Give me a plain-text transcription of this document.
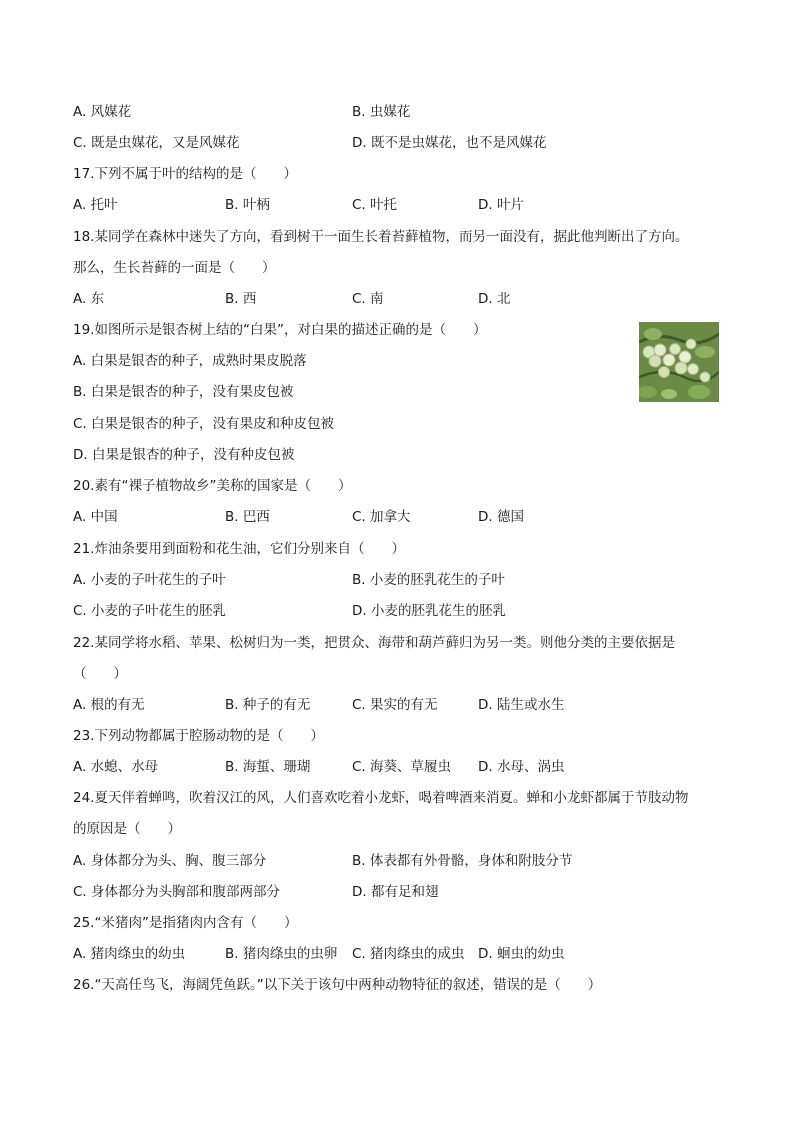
A. 风媒花	B. 虫媒花
C. 既是虫媒花，又是风媒花	D. 既不是虫媒花，也不是风媒花
17.下列不属于叶的结构的是（　　）
A. 托叶	B. 叶柄	C. 叶托	D. 叶片
18.某同学在森林中迷失了方向，看到树干一面生长着苔藓植物，而另一面没有，据此他判断出了方向。
那么，生长苔藓的一面是（　　）
A. 东	B. 西	C. 南	D. 北
19.如图所示是银杏树上结的“白果”，对白果的描述正确的是（　　）
A. 白果是银杏的种子，成熟时果皮脱落
B. 白果是银杏的种子，没有果皮包被
C. 白果是银杏的种子，没有果皮和种皮包被
D. 白果是银杏的种子，没有种皮包被
20.素有“裸子植物故乡”美称的国家是（　　）
A. 中国	B. 巴西	C. 加拿大	D. 德国
21.炸油条要用到面粉和花生油，它们分别来自（　　）
A. 小麦的子叶花生的子叶	B. 小麦的胚乳花生的子叶
C. 小麦的子叶花生的胚乳	D. 小麦的胚乳花生的胚乳
22.某同学将水稻、苹果、松树归为一类，把贯众、海带和葫芦藓归为另一类。则他分类的主要依据是
（　　）
A. 根的有无	B. 种子的有无	C. 果实的有无	D. 陆生或水生
23.下列动物都属于腔肠动物的是（　　）
A. 水螅、水母	B. 海蜇、珊瑚	C. 海葵、草履虫 D. 水母、涡虫
24.夏天伴着蝉鸣，吹着汉江的风，人们喜欢吃着小龙虾，喝着啤酒来消夏。蝉和小龙虾都属于节肢动物
的原因是（　　）
A. 身体都分为头、胸、腹三部分	B. 体表都有外骨骼，身体和附肢分节
C. 身体都分为头胸部和腹部两部分	D. 都有足和翅
25.“米猪肉”是指猪肉内含有（　　）
A. 猪肉绦虫的幼虫	B. 猪肉绦虫的虫卵 C. 猪肉绦虫的成虫 D. 蛔虫的幼虫
26.“天高任鸟飞，海阔凭鱼跃。”以下关于该句中两种动物特征的叙述，错误的是（　　）
